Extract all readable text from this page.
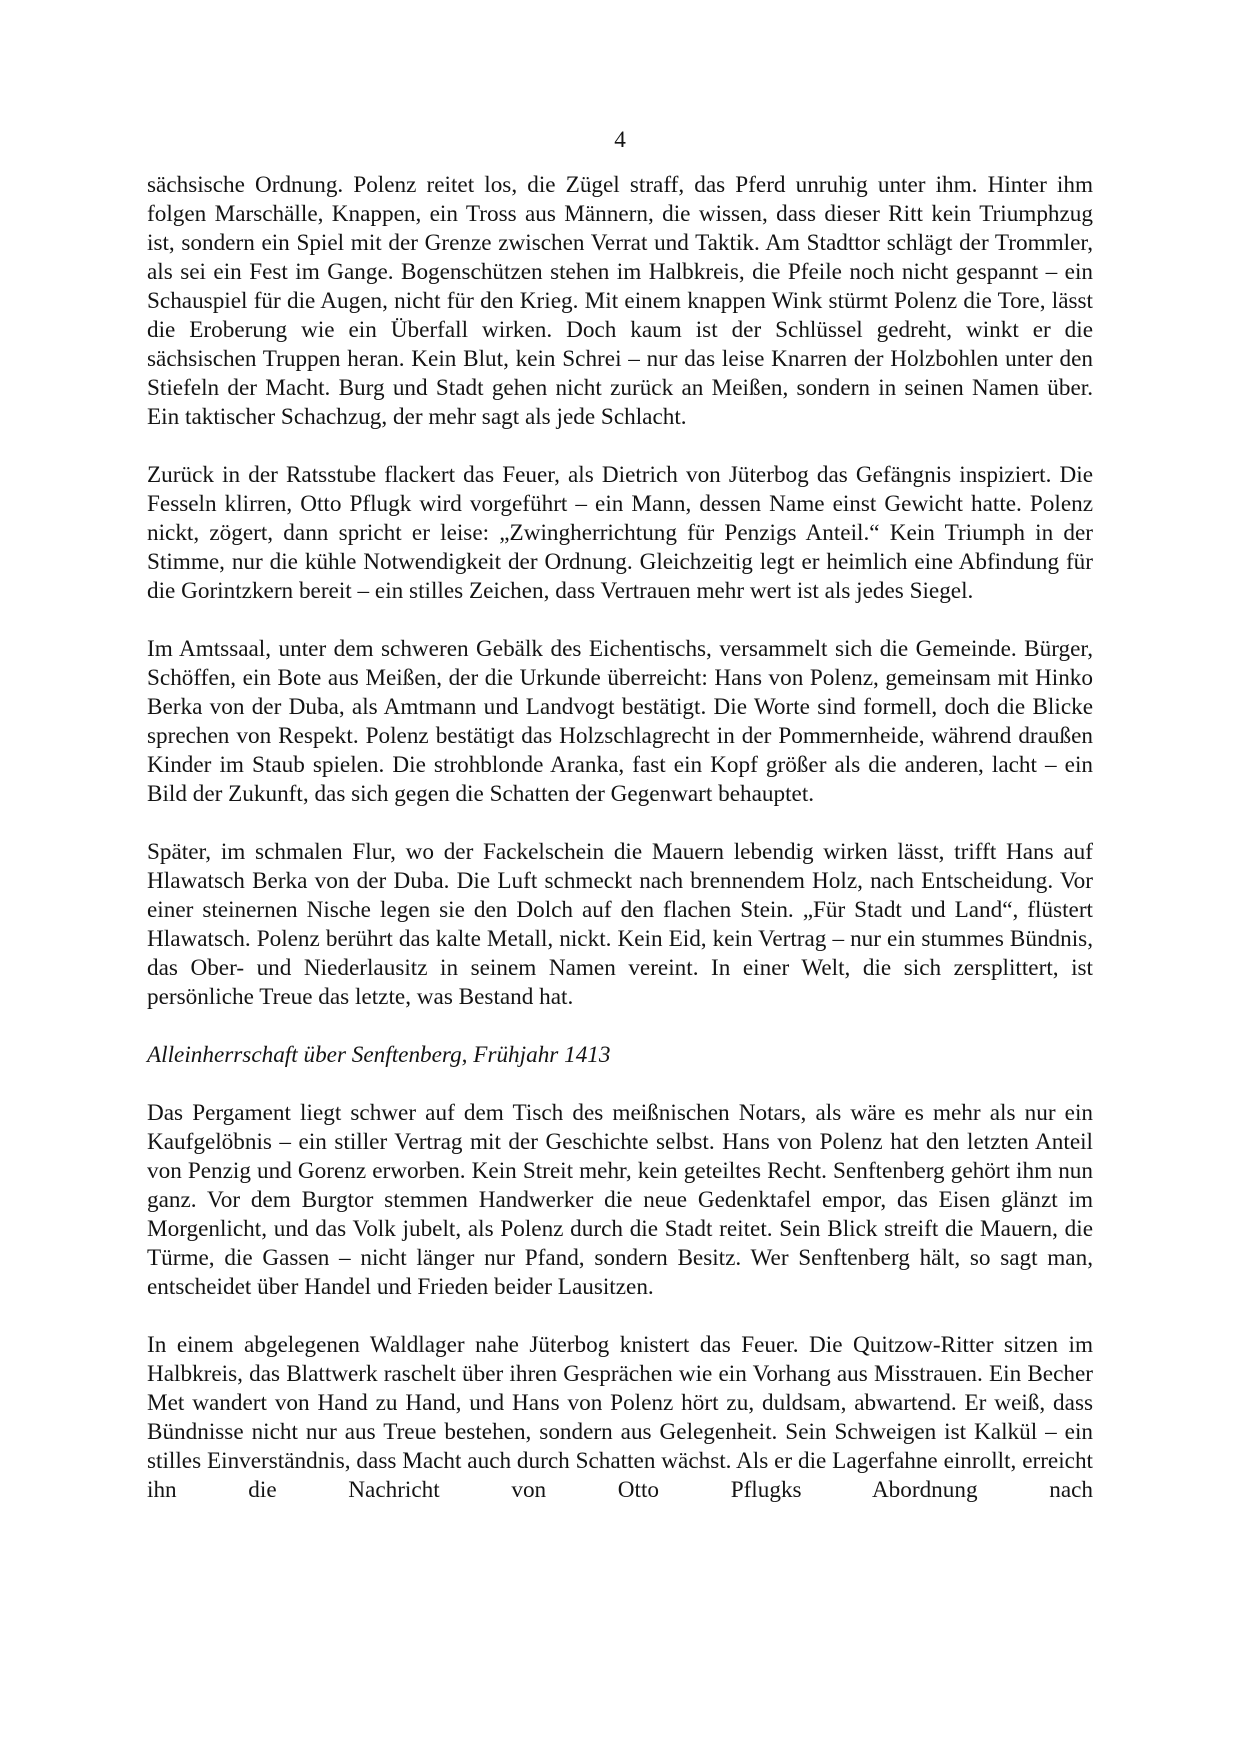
4

sächsische Ordnung. Polenz reitet los, die Zügel straff, das Pferd unruhig unter ihm. Hinter ihm folgen Marschälle, Knappen, ein Tross aus Männern, die wissen, dass dieser Ritt kein Triumphzug ist, sondern ein Spiel mit der Grenze zwischen Verrat und Taktik. Am Stadttor schlägt der Trommler, als sei ein Fest im Gange. Bogenschützen stehen im Halbkreis, die Pfeile noch nicht gespannt – ein Schauspiel für die Augen, nicht für den Krieg. Mit einem knappen Wink stürmt Polenz die Tore, lässt die Eroberung wie ein Überfall wirken. Doch kaum ist der Schlüssel gedreht, winkt er die sächsischen Truppen heran. Kein Blut, kein Schrei – nur das leise Knarren der Holzbohlen unter den Stiefeln der Macht. Burg und Stadt gehen nicht zurück an Meißen, sondern in seinen Namen über. Ein taktischer Schachzug, der mehr sagt als jede Schlacht.

Zurück in der Ratsstube flackert das Feuer, als Dietrich von Jüterbog das Gefängnis inspiziert. Die Fesseln klirren, Otto Pflugk wird vorgeführt – ein Mann, dessen Name einst Gewicht hatte. Polenz nickt, zögert, dann spricht er leise: „Zwingherrichtung für Penzigs Anteil.“ Kein Triumph in der Stimme, nur die kühle Notwendigkeit der Ordnung. Gleichzeitig legt er heimlich eine Abfindung für die Gorintzkern bereit – ein stilles Zeichen, dass Vertrauen mehr wert ist als jedes Siegel.

Im Amtssaal, unter dem schweren Gebälk des Eichentischs, versammelt sich die Gemeinde. Bürger, Schöffen, ein Bote aus Meißen, der die Urkunde überreicht: Hans von Polenz, gemeinsam mit Hinko Berka von der Duba, als Amtmann und Landvogt bestätigt. Die Worte sind formell, doch die Blicke sprechen von Respekt. Polenz bestätigt das Holzschlagrecht in der Pommernheide, während draußen Kinder im Staub spielen. Die strohblonde Aranka, fast ein Kopf größer als die anderen, lacht – ein Bild der Zukunft, das sich gegen die Schatten der Gegenwart behauptet.

Später, im schmalen Flur, wo der Fackelschein die Mauern lebendig wirken lässt, trifft Hans auf Hlawatsch Berka von der Duba. Die Luft schmeckt nach brennendem Holz, nach Entscheidung. Vor einer steinernen Nische legen sie den Dolch auf den flachen Stein. „Für Stadt und Land“, flüstert Hlawatsch. Polenz berührt das kalte Metall, nickt. Kein Eid, kein Vertrag – nur ein stummes Bündnis, das Ober- und Niederlausitz in seinem Namen vereint. In einer Welt, die sich zersplittert, ist persönliche Treue das letzte, was Bestand hat.

Alleinherrschaft über Senftenberg, Frühjahr 1413

Das Pergament liegt schwer auf dem Tisch des meißnischen Notars, als wäre es mehr als nur ein Kaufgelöbnis – ein stiller Vertrag mit der Geschichte selbst. Hans von Polenz hat den letzten Anteil von Penzig und Gorenz erworben. Kein Streit mehr, kein geteiltes Recht. Senftenberg gehört ihm nun ganz. Vor dem Burgtor stemmen Handwerker die neue Gedenktafel empor, das Eisen glänzt im Morgenlicht, und das Volk jubelt, als Polenz durch die Stadt reitet. Sein Blick streift die Mauern, die Türme, die Gassen – nicht länger nur Pfand, sondern Besitz. Wer Senftenberg hält, so sagt man, entscheidet über Handel und Frieden beider Lausitzen.

In einem abgelegenen Waldlager nahe Jüterbog knistert das Feuer. Die Quitzow-Ritter sitzen im Halbkreis, das Blattwerk raschelt über ihren Gesprächen wie ein Vorhang aus Misstrauen. Ein Becher Met wandert von Hand zu Hand, und Hans von Polenz hört zu, duldsam, abwartend. Er weiß, dass Bündnisse nicht nur aus Treue bestehen, sondern aus Gelegenheit. Sein Schweigen ist Kalkül – ein stilles Einverständnis, dass Macht auch durch Schatten wächst. Als er die Lagerfahne einrollt, erreicht ihn die Nachricht von Otto Pflugks Abordnung nach
